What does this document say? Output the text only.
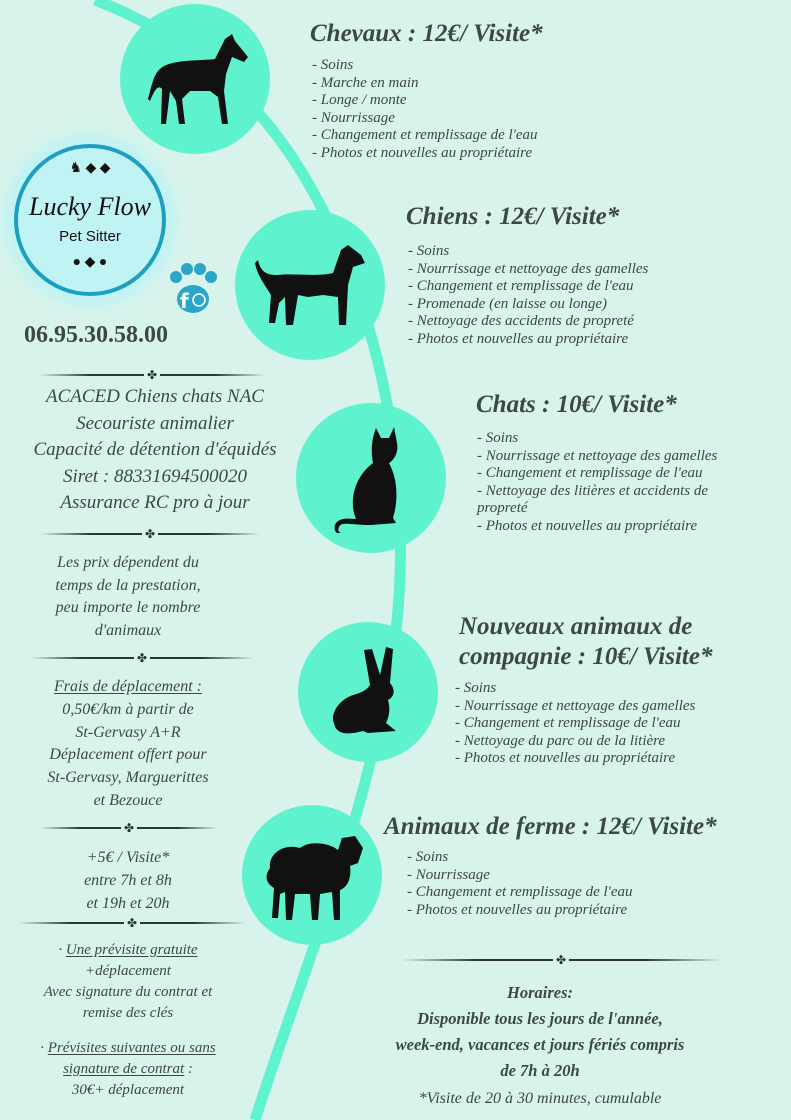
♞ ◆ ◆
Lucky Flow
Pet Sitter
● ◆ ●
f
06.95.30.58.00
✤
ACACED Chiens chats NAC
Secouriste animalier
Capacité de détention d'équidés
Siret : 88331694500020
Assurance RC pro à jour
✤
Les prix dépendent du
temps de la prestation,
peu importe le nombre
d'animaux
✤
Frais de déplacement :
0,50€/km à partir de
St-Gervasy A+R
Déplacement offert pour
St-Gervasy, Marguerittes
et Bezouce
✤
+5€ / Visite*
entre 7h et 8h
et 19h et 20h
✤
· Une prévisite gratuite
+déplacement
Avec signature du contrat et
remise des clés
· Prévisites suivantes ou sans
signature de contrat :
30€+ déplacement
Chevaux : 12€/ Visite*
- Soins
- Marche en main
- Longe / monte
- Nourrissage
- Changement et remplissage de l'eau
- Photos et nouvelles au propriétaire
Chiens : 12€/ Visite*
- Soins
- Nourrissage et nettoyage des gamelles
- Changement et remplissage de l'eau
- Promenade (en laisse ou longe)
- Nettoyage des accidents de propreté
- Photos et nouvelles au propriétaire
Chats : 10€/ Visite*
- Soins
- Nourrissage et nettoyage des gamelles
- Changement et remplissage de l'eau
- Nettoyage des litières et accidents de propreté
- Photos et nouvelles au propriétaire
Nouveaux animaux de compagnie : 10€/ Visite*
- Soins
- Nourrissage et nettoyage des gamelles
- Changement et remplissage de l'eau
- Nettoyage du parc ou de la litière
- Photos et nouvelles au propriétaire
Animaux de ferme : 12€/ Visite*
- Soins
- Nourrissage
- Changement et remplissage de l'eau
- Photos et nouvelles au propriétaire
✤
Horaires:
Disponible tous les jours de l'année,
week-end, vacances et jours fériés compris
de 7h à 20h
*Visite de 20 à 30 minutes, cumulable
